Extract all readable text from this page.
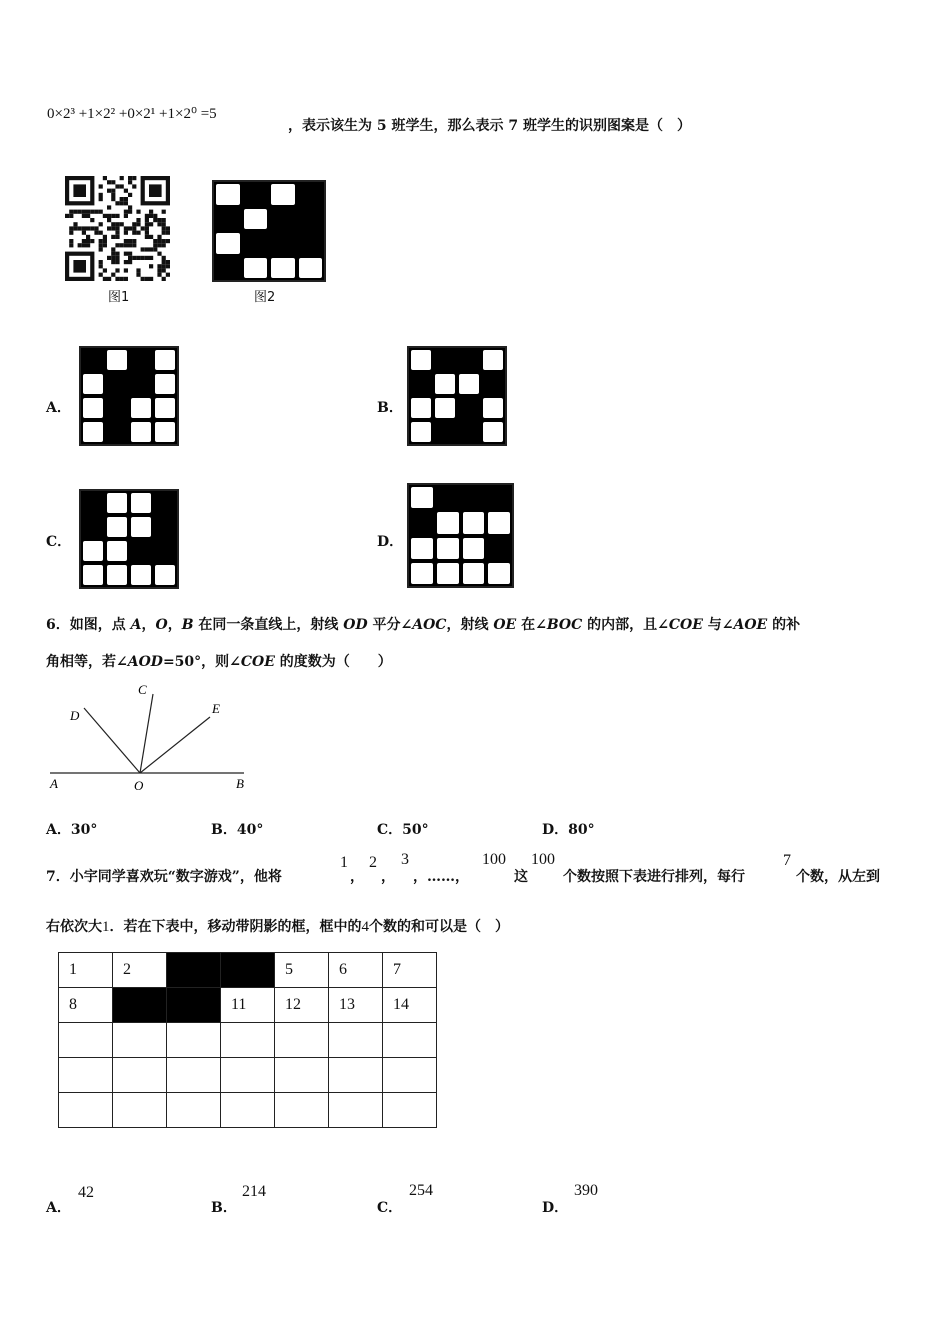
0×2³ +1×2² +0×2¹ +1×2⁰ =5
，表示该生为 5 班学生，那么表示 7 班学生的识别图案是（　）
图1	图2
A．	B．
C．	D．
6．如图，点 A，O，B 在同一条直线上，射线 OD 平分∠AOC，射线 OE 在∠BOC 的内部，且∠COE 与∠AOE 的补
角相等，若∠AOD=50°，则∠COE 的度数为（　　）
A	O	B
C
D	E
A．30°	B．40°	C．50°	D．80°
7．小宇同学喜欢玩“数字游戏”，他将
1
，
2
，
3
，……，
100
这
100
个数按照下表进行排列，每行
7
个数，从左到
右依次大1．若在下表中，移动带阴影的框，框中的4个数的和可以是（　）
1	2			5	6	7
8			11	12	13	14

A．
42
B．
214
C．
254
D．
390
